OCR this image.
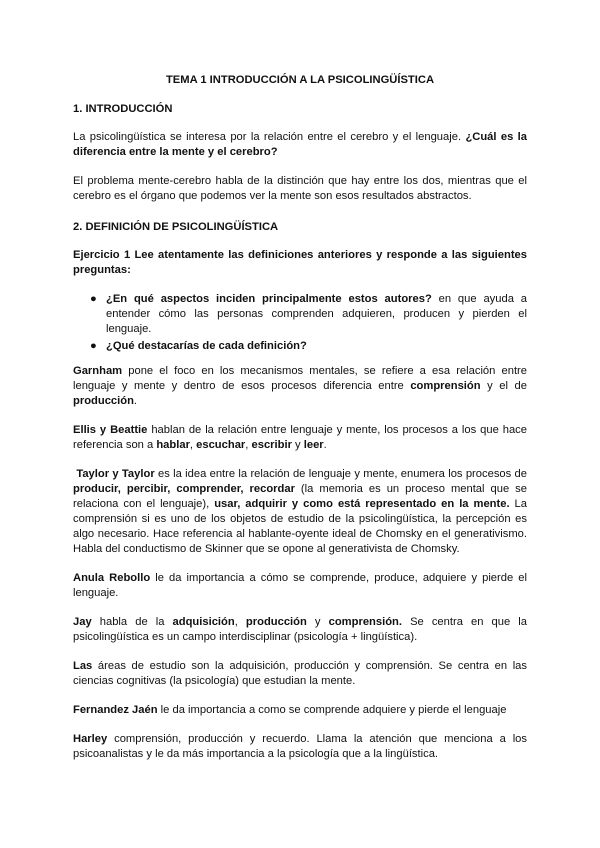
TEMA 1 INTRODUCCIÓN A LA PSICOLINGÜÍSTICA
1. INTRODUCCIÓN
La psicolingüística se interesa por la relación entre el cerebro y el lenguaje. ¿Cuál es la diferencia entre la mente y el cerebro?
El problema mente-cerebro habla de la distinción que hay entre los dos, mientras que el cerebro es el órgano que podemos ver la mente son esos resultados abstractos.
2. DEFINICIÓN DE PSICOLINGÜÍSTICA
Ejercicio 1 Lee atentamente las definiciones anteriores y responde a las siguientes preguntas:
● ¿En qué aspectos inciden principalmente estos autores? en que ayuda a entender cómo las personas comprenden adquieren, producen y pierden el lenguaje.
● ¿Qué destacarías de cada definición?
Garnham pone el foco en los mecanismos mentales, se refiere a esa relación entre lenguaje y mente y dentro de esos procesos diferencia entre comprensión y el de producción.
Ellis y Beattie hablan de la relación entre lenguaje y mente, los procesos a los que hace referencia son a hablar, escuchar, escribir y leer.
Taylor y Taylor es la idea entre la relación de lenguaje y mente, enumera los procesos de producir, percibir, comprender, recordar (la memoria es un proceso mental que se relaciona con el lenguaje), usar, adquirir y como está representado en la mente. La comprensión si es uno de los objetos de estudio de la psicolingüística, la percepción es algo necesario. Hace referencia al hablante-oyente ideal de Chomsky en el generativismo. Habla del conductismo de Skinner que se opone al generativista de Chomsky.
Anula Rebollo le da importancia a cómo se comprende, produce, adquiere y pierde el lenguaje.
Jay habla de la adquisición, producción y comprensión. Se centra en que la psicolingüística es un campo interdisciplinar (psicología + lingüística).
Las áreas de estudio son la adquisición, producción y comprensión. Se centra en las ciencias cognitivas (la psicología) que estudian la mente.
Fernandez Jaén le da importancia a como se comprende adquiere y pierde el lenguaje
Harley comprensión, producción y recuerdo. Llama la atención que menciona a los psicoanalistas y le da más importancia a la psicología que a la lingüística.
